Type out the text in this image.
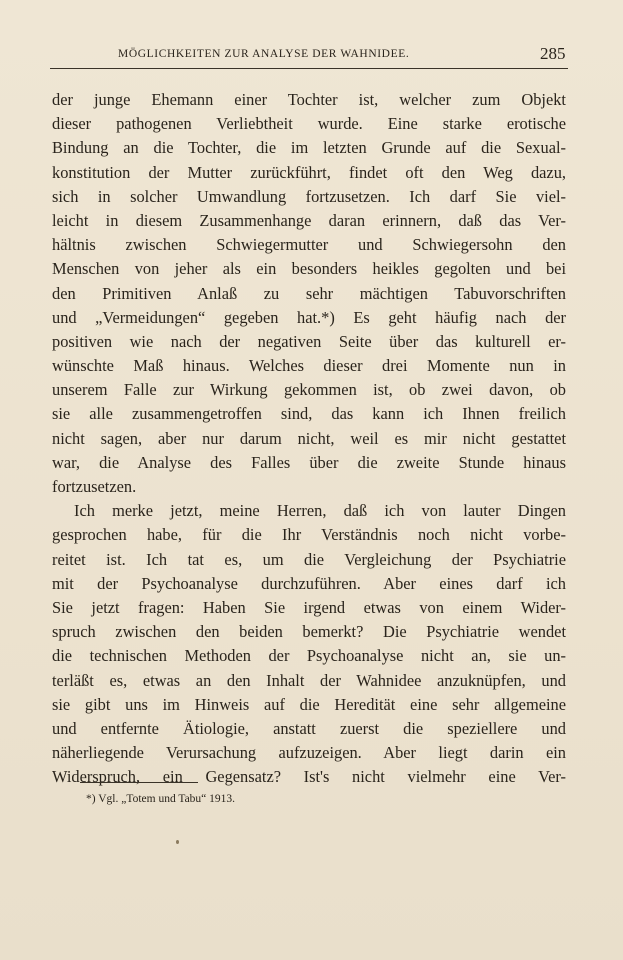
MÖGLICHKEITEN ZUR ANALYSE DER WAHNIDEE.	285
der junge Ehemann einer Tochter ist, welcher zum Objekt
dieser pathogenen Verliebtheit wurde. Eine starke erotische
Bindung an die Tochter, die im letzten Grunde auf die Sexual-
konstitution der Mutter zurückführt, findet oft den Weg dazu,
sich in solcher Umwandlung fortzusetzen. Ich darf Sie viel-
leicht in diesem Zusammenhange daran erinnern, daß das Ver-
hältnis zwischen Schwiegermutter und Schwiegersohn den
Menschen von jeher als ein besonders heikles gegolten und bei
den Primitiven Anlaß zu sehr mächtigen Tabuvorschriften
und „Vermeidungen“ gegeben hat.*) Es geht häufig nach der
positiven wie nach der negativen Seite über das kulturell er-
wünschte Maß hinaus. Welches dieser drei Momente nun in
unserem Falle zur Wirkung gekommen ist, ob zwei davon, ob
sie alle zusammengetroffen sind, das kann ich Ihnen freilich
nicht sagen, aber nur darum nicht, weil es mir nicht gestattet
war, die Analyse des Falles über die zweite Stunde hinaus
fortzusetzen.
Ich merke jetzt, meine Herren, daß ich von lauter Dingen
gesprochen habe, für die Ihr Verständnis noch nicht vorbe-
reitet ist. Ich tat es, um die Vergleichung der Psychiatrie
mit der Psychoanalyse durchzuführen. Aber eines darf ich
Sie jetzt fragen: Haben Sie irgend etwas von einem Wider-
spruch zwischen den beiden bemerkt? Die Psychiatrie wendet
die technischen Methoden der Psychoanalyse nicht an, sie un-
terläßt es, etwas an den Inhalt der Wahnidee anzuknüpfen, und
sie gibt uns im Hinweis auf die Heredität eine sehr allgemeine
und entfernte Ätiologie, anstatt zuerst die speziellere und
näherliegende Verursachung aufzuzeigen. Aber liegt darin ein
Widerspruch, ein Gegensatz? Ist's nicht vielmehr eine Ver-
*) Vgl. „Totem und Tabu“ 1913.
